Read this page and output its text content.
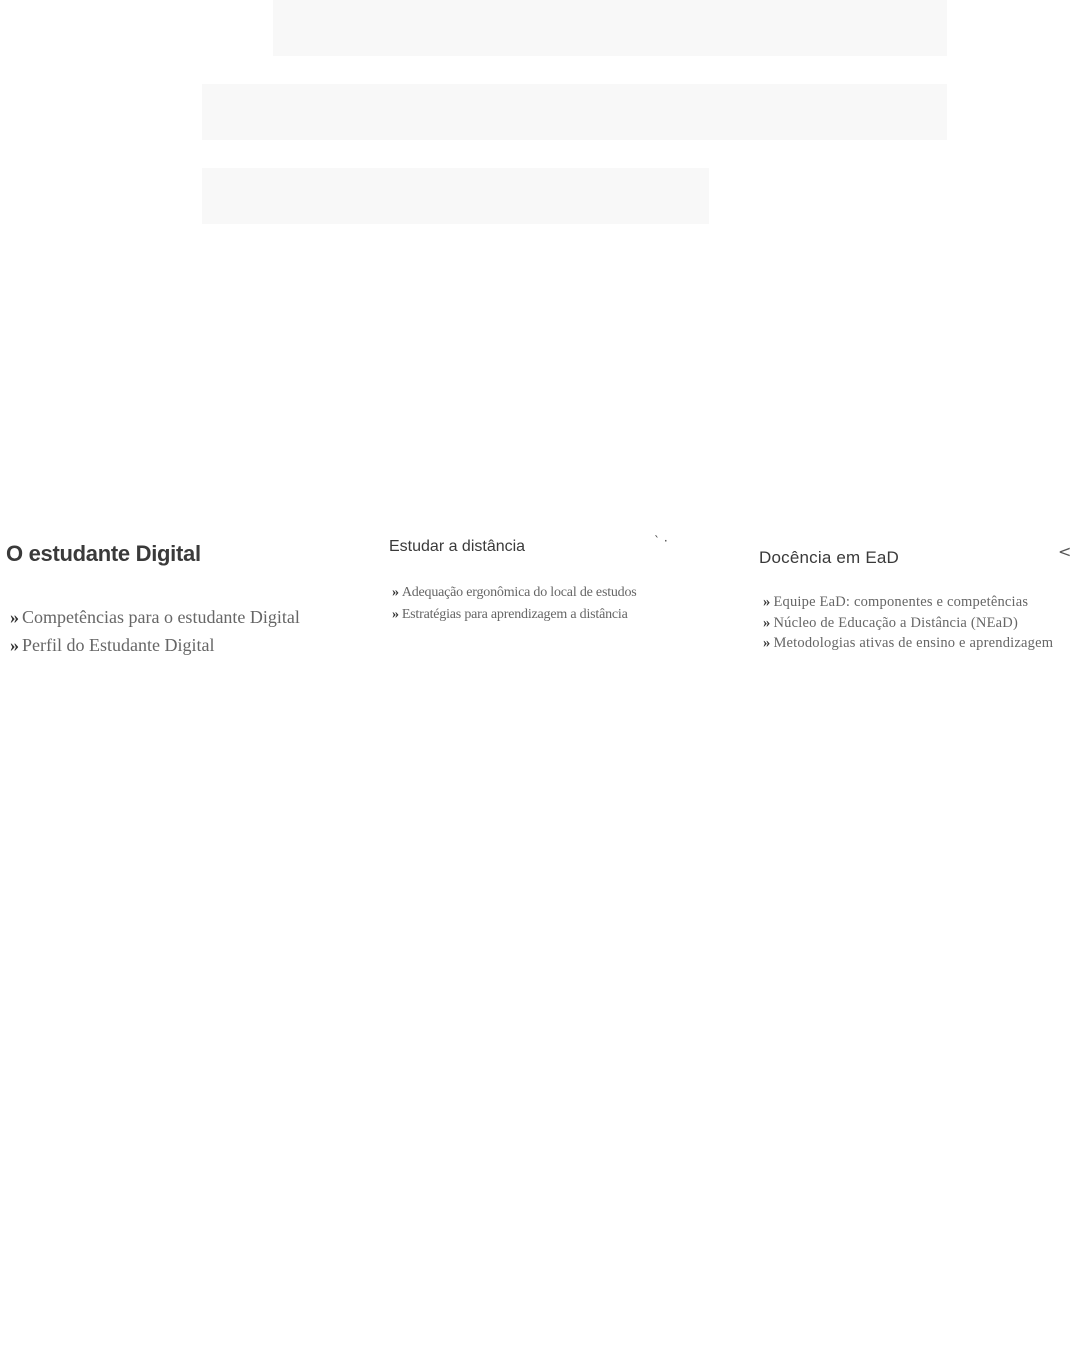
O estudante Digital
» Competências para o estudante Digital
» Perfil do Estudante Digital
Estudar a distância	` ·
» Adequação ergonômica do local de estudos
» Estratégias para aprendizagem a distância
Docência em EaD	<
» Equipe EaD: componentes e competências
» Núcleo de Educação a Distância (NEaD)
» Metodologias ativas de ensino e aprendizagem
